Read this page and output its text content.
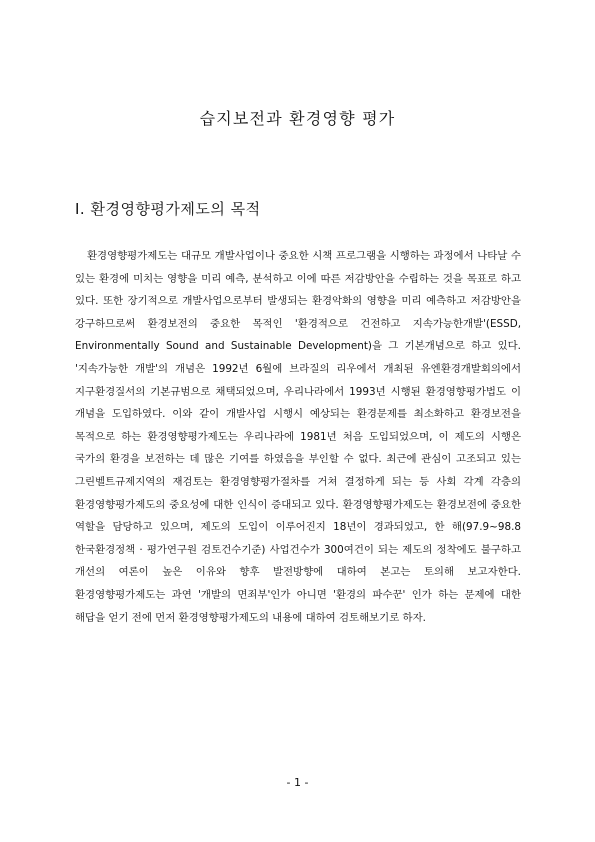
습지보전과 환경영향 평가
Ⅰ. 환경영향평가제도의 목적

환경영향평가제도는 대규모 개발사업이나 중요한 시책 프로그램을 시행하는 과정에서 나타날 수 있는 환경에 미치는 영향을 미리 예측, 분석하고 이에 따른 저감방안을 수립하는 것을 목표로 하고 있다. 또한 장기적으로 개발사업으로부터 발생되는 환경악화의 영향을 미리 예측하고 저감방안을 강구하므로써 환경보전의 중요한 목적인 '환경적으로 건전하고 지속가능한개발'(ESSD, Environmentally Sound and Sustainable Development)을 그 기본개념으로 하고 있다. '지속가능한 개발'의 개념은 1992년 6월에 브라질의 리우에서 개최된 유엔환경개발회의에서 지구환경질서의 기본규범으로 채택되었으며, 우리나라에서 1993년 시행된 환경영향평가법도 이 개념을 도입하였다. 이와 같이 개발사업 시행시 예상되는 환경문제를 최소화하고 환경보전을 목적으로 하는 환경영향평가제도는 우리나라에 1981년 처음 도입되었으며, 이 제도의 시행은 국가의 환경을 보전하는 데 많은 기여를 하였음을 부인할 수 없다. 최근에 관심이 고조되고 있는 그린벨트규제지역의 재검토는 환경영향평가절차를 거쳐 결정하게 되는 등 사회 각계 각층의 환경영향평가제도의 중요성에 대한 인식이 증대되고 있다. 환경영향평가제도는 환경보전에 중요한 역할을 담당하고 있으며, 제도의 도입이 이루어진지 18년이 경과되었고, 한 해(97.9~98.8 한국환경정책 · 평가연구원 검토건수기준) 사업건수가 300여건이 되는 제도의 정착에도 불구하고 개선의 여론이 높은 이유와 향후 발전방향에 대하여 본고는 토의해 보고자한다. 환경영향평가제도는 과연 '개발의 면죄부'인가 아니면 '환경의 파수꾼' 인가 하는 문제에 대한 해답을 얻기 전에 먼저 환경영향평가제도의 내용에 대하여 검토해보기로 하자.

- 1 -
